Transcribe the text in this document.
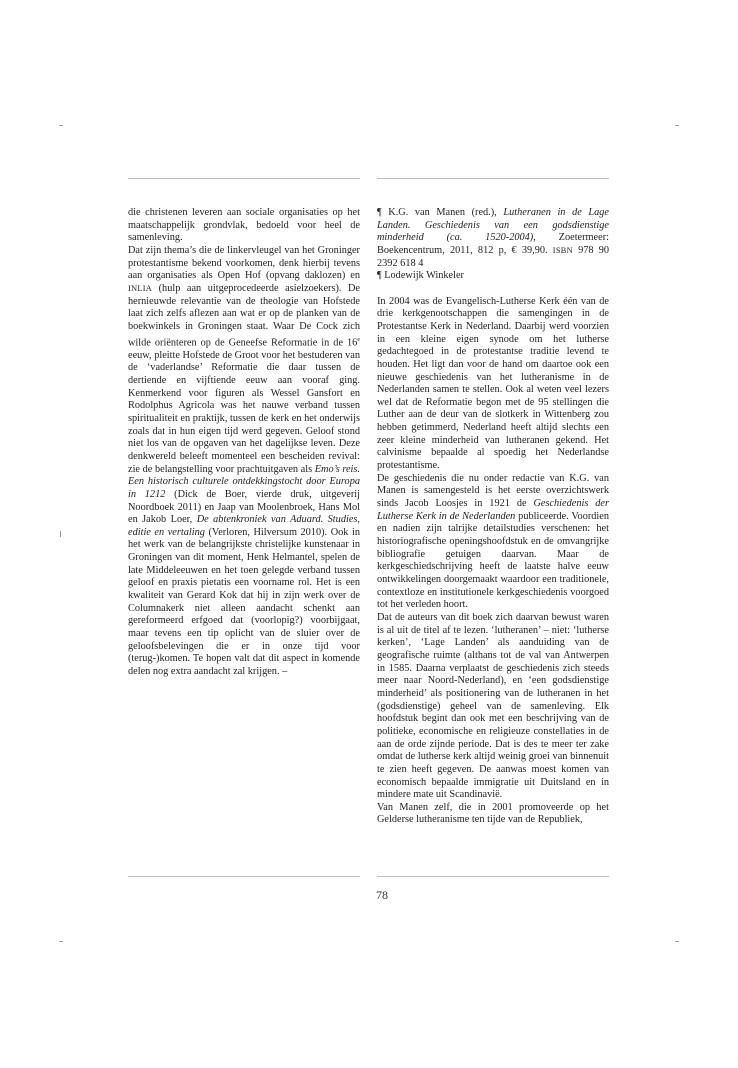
die christenen leveren aan sociale organisaties op het maatschappelijk grondvlak, bedoeld voor heel de samenleving.

Dat zijn thema’s die de linkervleugel van het Groninger protestantisme bekend voorkomen, denk hierbij tevens aan organisaties als Open Hof (opvang daklozen) en INLIA (hulp aan uitgeprocedeerde asielzoekers). De hernieuwde relevantie van de theologie van Hofstede laat zich zelfs aflezen aan wat er op de planken van de boekwinkels in Groningen staat. Waar De Cock zich wilde oriënteren op de Geneefse Reformatie in de 16e eeuw, pleitte Hofstede de Groot voor het bestuderen van de ‘vaderlandse’ Reformatie die daar tussen de dertiende en vijftiende eeuw aan vooraf ging. Kenmerkend voor figuren als Wessel Gansfort en Rodolphus Agricola was het nauwe verband tussen spiritualiteit en praktijk, tussen de kerk en het onderwijs zoals dat in hun eigen tijd werd gegeven. Geloof stond niet los van de opgaven van het dagelijkse leven. Deze denkwereld beleeft momenteel een bescheiden revival: zie de belangstelling voor prachtuitgaven als Emo’s reis. Een historisch culturele ontdekkingstocht door Europa in 1212 (Dick de Boer, vierde druk, uitgeverij Noordboek 2011) en Jaap van Moolenbroek, Hans Mol en Jakob Loer, De abtenkroniek van Aduard. Studies, editie en vertaling (Verloren, Hilversum 2010). Ook in het werk van de belangrijkste christelijke kunstenaar in Groningen van dit moment, Henk Helmantel, spelen de late Middeleeuwen en het toen gelegde verband tussen geloof en praxis pietatis een voorname rol. Het is een kwaliteit van Gerard Kok dat hij in zijn werk over de Columnakerk niet alleen aandacht schenkt aan gereformeerd erfgoed dat (voorlopig?) voorbijgaat, maar tevens een tip oplicht van de sluier over de geloofsbelevingen die er in onze tijd voor (terug-)komen. Te hopen valt dat dit aspect in komende delen nog extra aandacht zal krijgen. –

¶ K.G. van Manen (red.), Lutheranen in de Lage Landen. Geschiedenis van een godsdienstige minderheid (ca. 1520-2004), Zoetermeer: Boekencentrum, 2011, 812 p, € 39,90. ISBN 978 90 2392 618 4

¶ Lodewijk Winkeler

In 2004 was de Evangelisch-Lutherse Kerk één van de drie kerkgenootschappen die samengingen in de Protestantse Kerk in Nederland. Daarbij werd voorzien in een kleine eigen synode om het lutherse gedachtegoed in de protestantse traditie levend te houden. Het ligt dan voor de hand om daartoe ook een nieuwe geschiedenis van het lutheranisme in de Nederlanden samen te stellen. Ook al weten veel lezers wel dat de Reformatie begon met de 95 stellingen die Luther aan de deur van de slotkerk in Wittenberg zou hebben getimmerd, Nederland heeft altijd slechts een zeer kleine minderheid van lutheranen gekend. Het calvinisme bepaalde al spoedig het Nederlandse protestantisme.

De geschiedenis die nu onder redactie van K.G. van Manen is samengesteld is het eerste overzichtswerk sinds Jacob Loosjes in 1921 de Geschiedenis der Lutherse Kerk in de Nederlanden publiceerde. Voordien en nadien zijn talrijke detailstudies verschenen: het historiografische openingshoofdstuk en de omvangrijke bibliografie getuigen daarvan. Maar de kerkgeschiedschrijving heeft de laatste halve eeuw ontwikkelingen doorgemaakt waardoor een traditionele, contextloze en institutionele kerkgeschiedenis voorgoed tot het verleden hoort.

Dat de auteurs van dit boek zich daarvan bewust waren is al uit de titel af te lezen. ‘lutheranen’ – niet: ‘lutherse kerken’, ‘Lage Landen’ als aanduiding van de geografische ruimte (althans tot de val van Antwerpen in 1585. Daarna verplaatst de geschiedenis zich steeds meer naar Noord-Nederland), en ‘een godsdienstige minderheid’ als positionering van de lutheranen in het (godsdienstige) geheel van de samenleving. Elk hoofdstuk begint dan ook met een beschrijving van de politieke, economische en religieuze constellaties in de aan de orde zijnde periode. Dat is des te meer ter zake omdat de lutherse kerk altijd weinig groei van binnenuit te zien heeft gegeven. De aanwas moest komen van economisch bepaalde immigratie uit Duitsland en in mindere mate uit Scandinavië.

Van Manen zelf, die in 2001 promoveerde op het Gelderse lutheranisme ten tijde van de Republiek,

78
